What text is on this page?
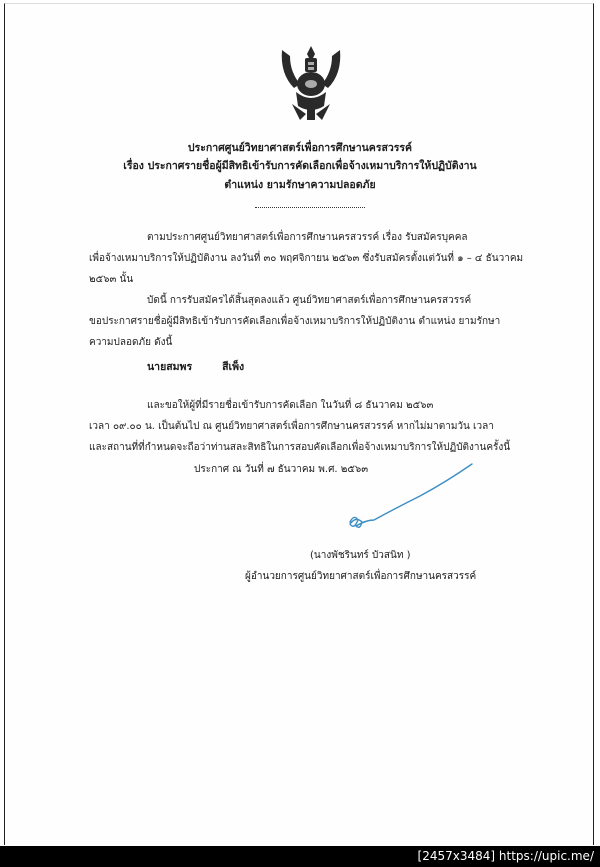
ประกาศศูนย์วิทยาศาสตร์เพื่อการศึกษานครสวรรค์
เรื่อง ประกาศรายชื่อผู้มีสิทธิเข้ารับการคัดเลือกเพื่อจ้างเหมาบริการให้ปฏิบัติงาน
ตำแหน่ง ยามรักษาความปลอดภัย
ตามประกาศศูนย์วิทยาศาสตร์เพื่อการศึกษานครสวรรค์ เรื่อง รับสมัครบุคคล
เพื่อจ้างเหมาบริการให้ปฏิบัติงาน ลงวันที่ ๓๐ พฤศจิกายน ๒๕๖๓ ซึ่งรับสมัครตั้งแต่วันที่ ๑ – ๔ ธันวาคม
๒๕๖๓ นั้น
บัดนี้ การรับสมัครได้สิ้นสุดลงแล้ว ศูนย์วิทยาศาสตร์เพื่อการศึกษานครสวรรค์
ขอประกาศรายชื่อผู้มีสิทธิเข้ารับการคัดเลือกเพื่อจ้างเหมาบริการให้ปฏิบัติงาน ตำแหน่ง ยามรักษา
ความปลอดภัย ดังนี้
นายสมพร	สีเพ็ง
และขอให้ผู้ที่มีรายชื่อเข้ารับการคัดเลือก ในวันที่ ๘ ธันวาคม ๒๕๖๓
เวลา ๐๙.๐๐ น. เป็นต้นไป ณ ศูนย์วิทยาศาสตร์เพื่อการศึกษานครสวรรค์ หากไม่มาตามวัน เวลา
และสถานที่ที่กำหนดจะถือว่าท่านสละสิทธิในการสอบคัดเลือกเพื่อจ้างเหมาบริการให้ปฏิบัติงานครั้งนี้
ประกาศ ณ วันที่ ๗ ธันวาคม พ.ศ. ๒๕๖๓
(นางพัชรินทร์ บัวสนิท )
ผู้อำนวยการศูนย์วิทยาศาสตร์เพื่อการศึกษานครสวรรค์
[2457x3484] https://upic.me/
